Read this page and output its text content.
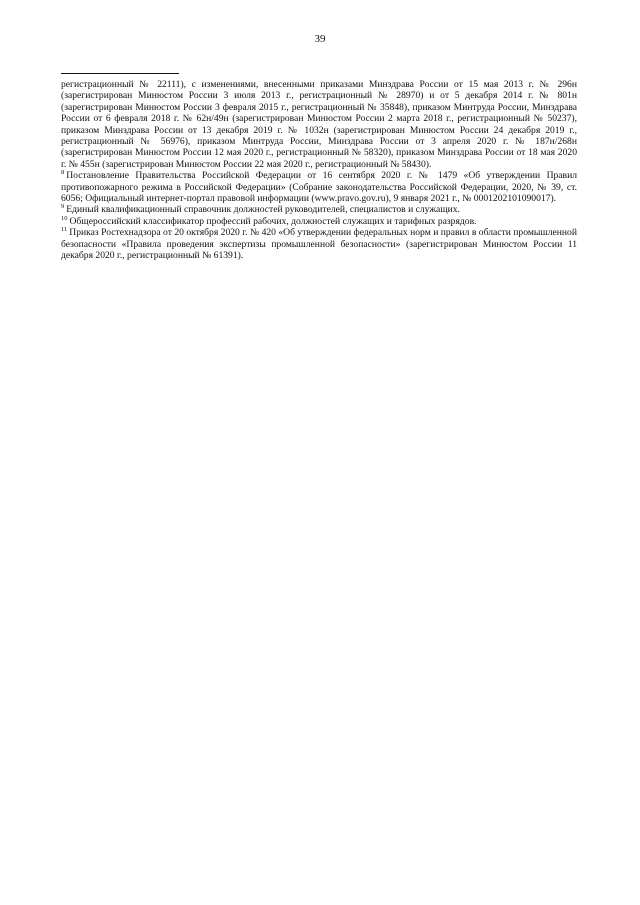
39

регистрационный № 22111), с изменениями, внесенными приказами Минздрава России от 15 мая 2013 г. № 296н (зарегистрирован Минюстом России 3 июля 2013 г., регистрационный № 28970) и от 5 декабря 2014 г. № 801н (зарегистрирован Минюстом России 3 февраля 2015 г., регистрационный № 35848), приказом Минтруда России, Минздрава России от 6 февраля 2018 г. № 62н/49н (зарегистрирован Минюстом России 2 марта 2018 г., регистрационный № 50237), приказом Минздрава России от 13 декабря 2019 г. № 1032н (зарегистрирован Минюстом России 24 декабря 2019 г., регистрационный № 56976), приказом Минтруда России, Минздрава России от 3 апреля 2020 г. № 187н/268н (зарегистрирован Минюстом России 12 мая 2020 г., регистрационный № 58320), приказом Минздрава России от 18 мая 2020 г. № 455н (зарегистрирован Минюстом России 22 мая 2020 г., регистрационный № 58430).

$^8$ Постановление Правительства Российской Федерации от 16 сентября 2020 г. № 1479 «Об утверждении Правил противопожарного режима в Российской Федерации» (Собрание законодательства Российской Федерации, 2020, № 39, ст. 6056; Официальный интернет-портал правовой информации (www.pravo.gov.ru), 9 января 2021 г., № 0001202101090017).

$^9$ Единый квалификационный справочник должностей руководителей, специалистов и служащих.

$^{10}$ Общероссийский классификатор профессий рабочих, должностей служащих и тарифных разрядов.

$^{11}$ Приказ Ростехнадзора от 20 октября 2020 г. № 420 «Об утверждении федеральных норм и правил в области промышленной безопасности «Правила проведения экспертизы промышленной безопасности» (зарегистрирован Минюстом России 11 декабря 2020 г., регистрационный № 61391).
